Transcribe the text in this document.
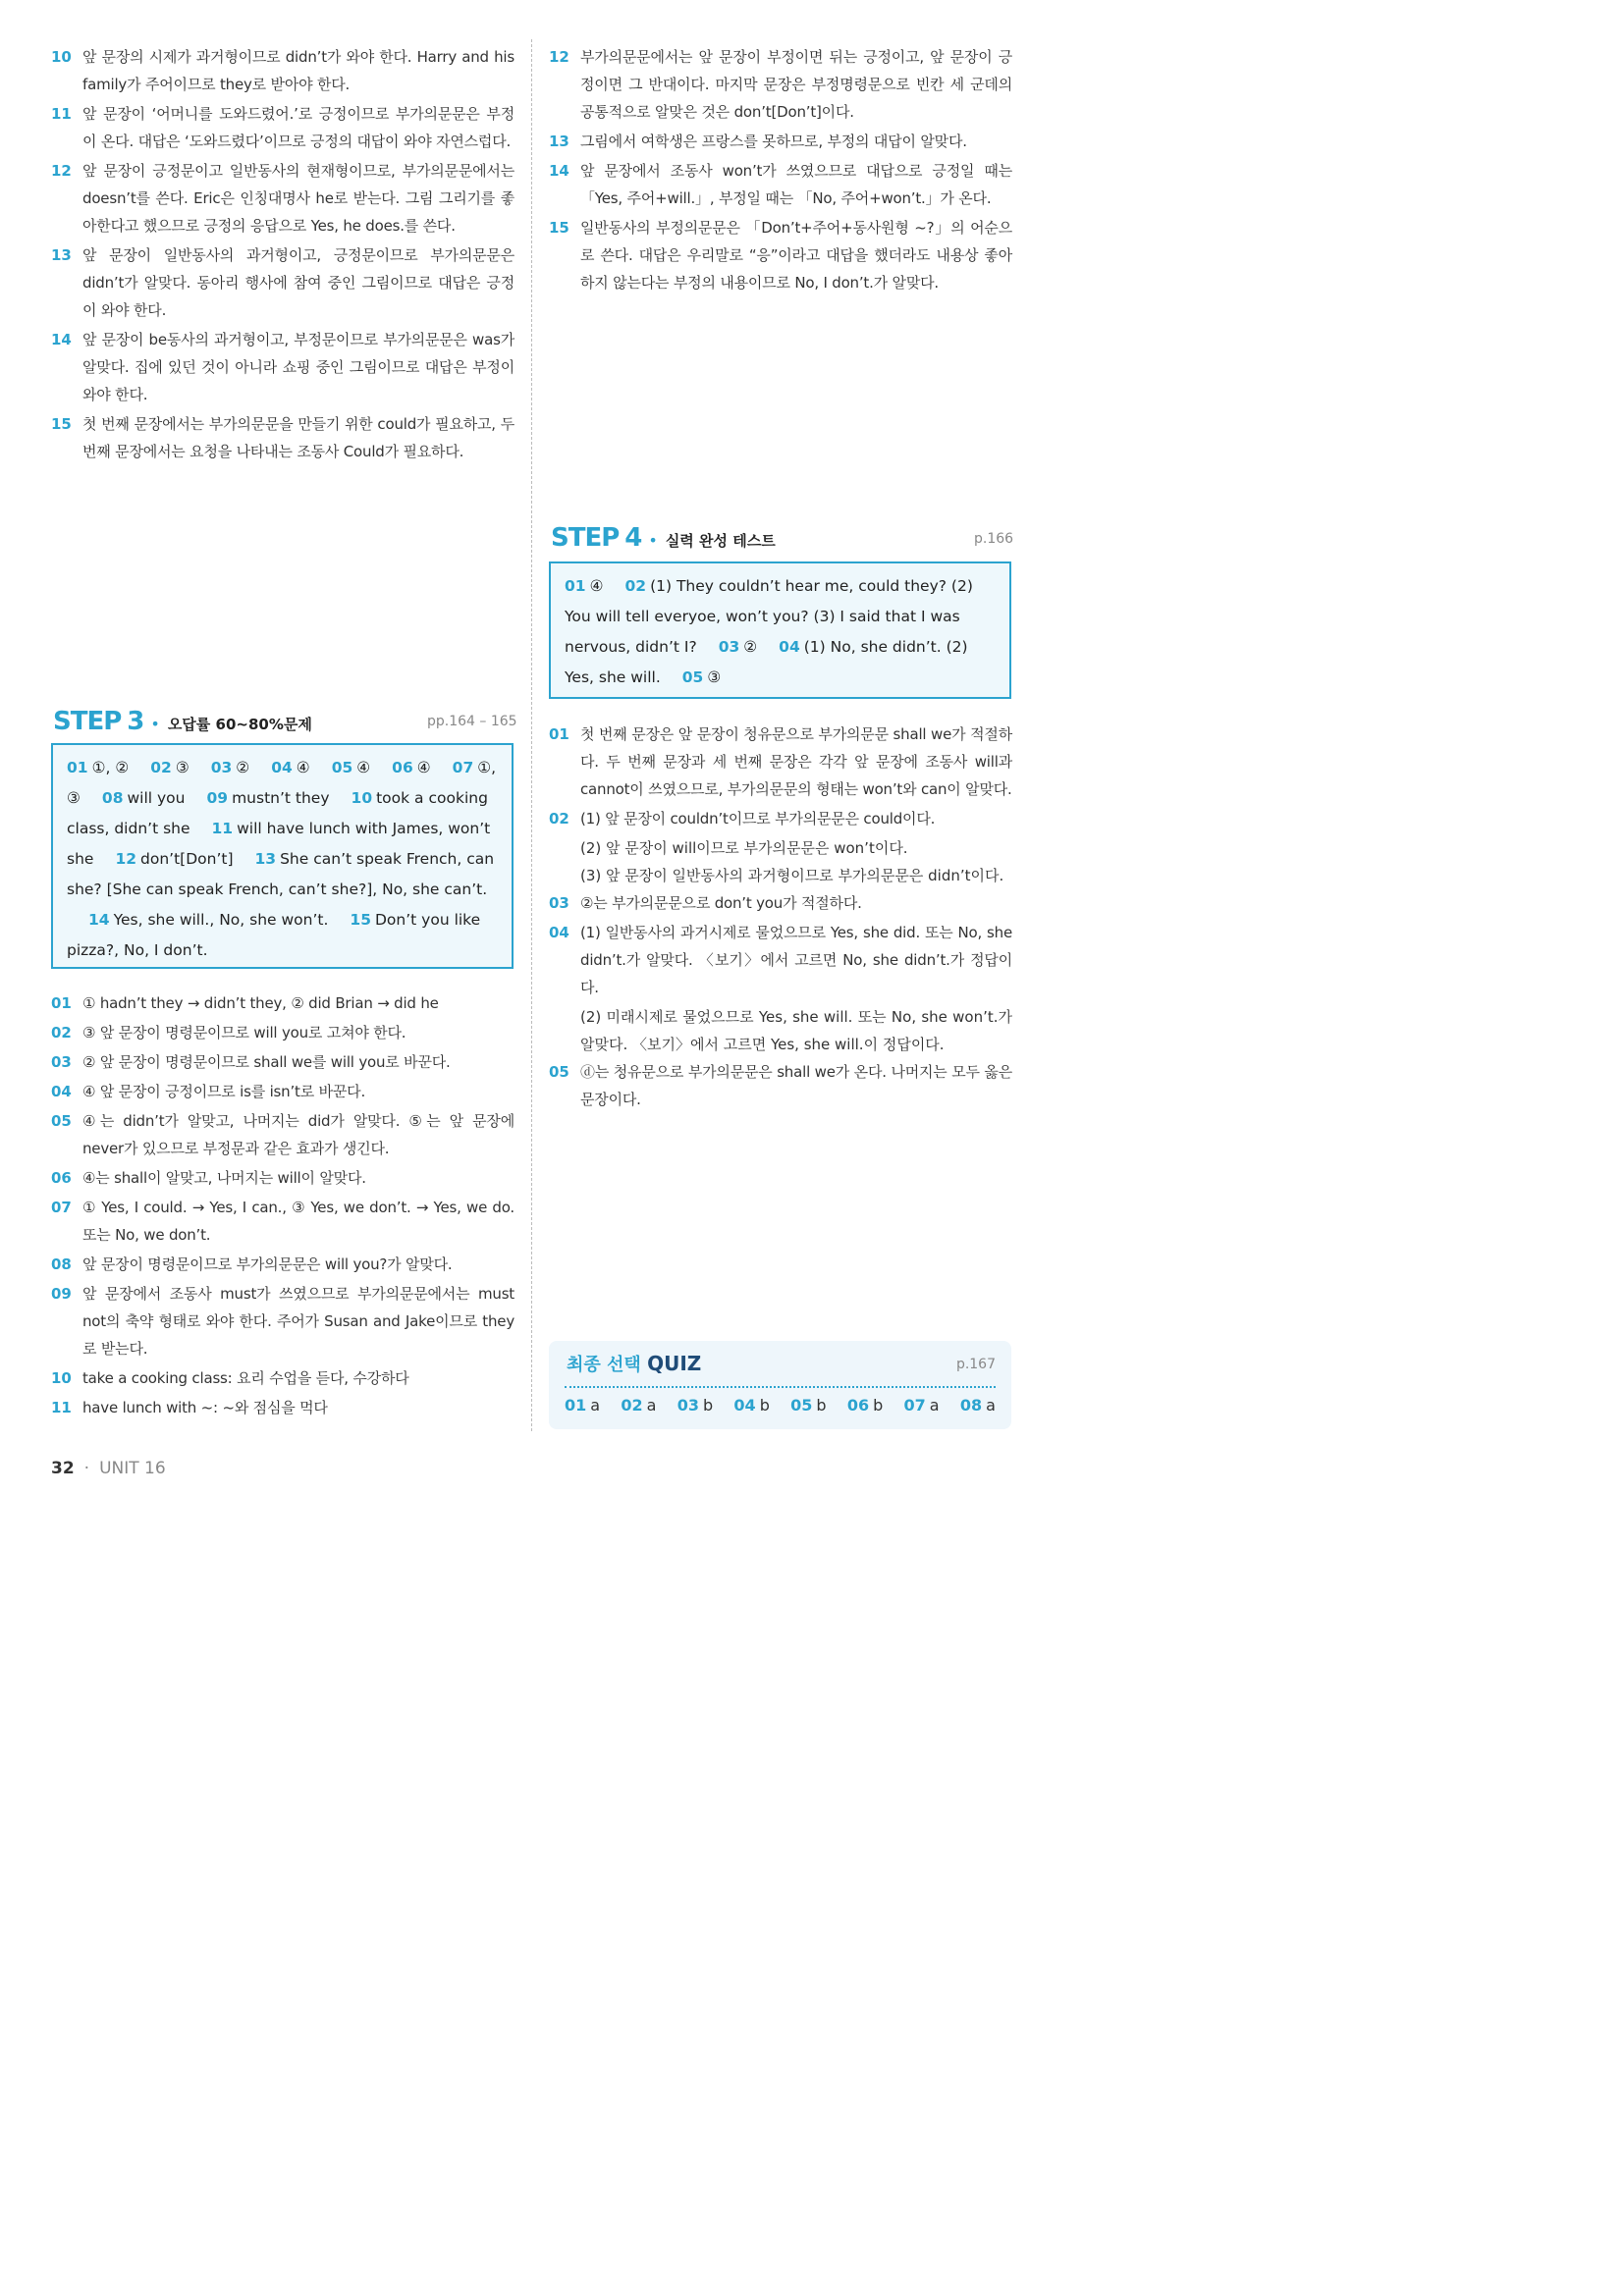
10 앞 문장의 시제가 과거형이므로 didn’t가 와야 한다. Harry and his family가 주어이므로 they로 받아야 한다.
11 앞 문장이 ‘어머니를 도와드렸어.’로 긍정이므로 부가의문문은 부정이 온다. 대답은 ‘도와드렸다’이므로 긍정의 대답이 와야 자연스럽다.
12 앞 문장이 긍정문이고 일반동사의 현재형이므로, 부가의문문에서는 doesn’t를 쓴다. Eric은 인칭대명사 he로 받는다. 그림 그리기를 좋아한다고 했으므로 긍정의 응답으로 Yes, he does.를 쓴다.
13 앞 문장이 일반동사의 과거형이고, 긍정문이므로 부가의문문은 didn’t가 알맞다. 동아리 행사에 참여 중인 그림이므로 대답은 긍정이 와야 한다.
14 앞 문장이 be동사의 과거형이고, 부정문이므로 부가의문문은 was가 알맞다. 집에 있던 것이 아니라 쇼핑 중인 그림이므로 대답은 부정이 와야 한다.
15 첫 번째 문장에서는 부가의문문을 만들기 위한 could가 필요하고, 두 번째 문장에서는 요청을 나타내는 조동사 Could가 필요하다.
12 부가의문문에서는 앞 문장이 부정이면 뒤는 긍정이고, 앞 문장이 긍정이면 그 반대이다. 마지막 문장은 부정명령문으로 빈칸 세 군데의 공통적으로 알맞은 것은 don’t[Don’t]이다.
13 그림에서 여학생은 프랑스를 못하므로, 부정의 대답이 알맞다.
14 앞 문장에서 조동사 won’t가 쓰였으므로 대답으로 긍정일 때는 「Yes, 주어+will.」, 부정일 때는 「No, 주어+won’t.」가 온다.
15 일반동사의 부정의문문은 「Don’t+주어+동사원형 ~?」의 어순으로 쓴다. 대답은 우리말로 “응”이라고 대답을 했더라도 내용상 좋아하지 않는다는 부정의 내용이므로 No, I don’t.가 알맞다.
STEP 4 • 실력 완성 테스트	p.166
01 ④ 02 (1) They couldn’t hear me, could they? (2) You will tell everyoe, won’t you? (3) I said that I was nervous, didn’t I? 03 ② 04 (1) No, she didn’t. (2) Yes, she will. 05 ③
01 첫 번째 문장은 앞 문장이 청유문으로 부가의문문 shall we가 적절하다. 두 번째 문장과 세 번째 문장은 각각 앞 문장에 조동사 will과 cannot이 쓰였으므로, 부가의문문의 형태는 won’t와 can이 알맞다.
02 (1) 앞 문장이 couldn’t이므로 부가의문문은 could이다.
(2) 앞 문장이 will이므로 부가의문문은 won’t이다.
(3) 앞 문장이 일반동사의 과거형이므로 부가의문문은 didn’t이다.
03 ②는 부가의문문으로 don’t you가 적절하다.
04 (1) 일반동사의 과거시제로 물었으므로 Yes, she did. 또는 No, she didn’t.가 알맞다. 〈보기〉에서 고르면 No, she didn’t.가 정답이다.
(2) 미래시제로 물었으므로 Yes, she will. 또는 No, she won’t.가 알맞다. 〈보기〉에서 고르면 Yes, she will.이 정답이다.
05 ⓓ는 청유문으로 부가의문문은 shall we가 온다. 나머지는 모두 옳은 문장이다.
STEP 3 • 오답률 60~80%문제	pp.164 – 165
01 ①, ② 02 ③ 03 ② 04 ④ 05 ④ 06 ④ 07 ①, ③ 08 will you 09 mustn’t they 10 took a cooking class, didn’t she 11 will have lunch with James, won’t she 12 don’t[Don’t] 13 She can’t speak French, can she? [She can speak French, can’t she?], No, she can’t.14 Yes, she will., No, she won’t. 15 Don’t you like pizza?, No, I don’t.
01 ① hadn’t they → didn’t they, ② did Brian → did he
02 ③ 앞 문장이 명령문이므로 will you로 고쳐야 한다.
03 ② 앞 문장이 명령문이므로 shall we를 will you로 바꾼다.
04 ④ 앞 문장이 긍정이므로 is를 isn’t로 바꾼다.
05 ④는 didn’t가 알맞고, 나머지는 did가 알맞다. ⑤는 앞 문장에 never가 있으므로 부정문과 같은 효과가 생긴다.
06 ④는 shall이 알맞고, 나머지는 will이 알맞다.
07 ① Yes, I could. → Yes, I can., ③ Yes, we don’t. → Yes, we do. 또는 No, we don’t.
08 앞 문장이 명령문이므로 부가의문문은 will you?가 알맞다.
09 앞 문장에서 조동사 must가 쓰였으므로 부가의문문에서는 must not의 축약 형태로 와야 한다. 주어가 Susan and Jake이므로 they로 받는다.
10 take a cooking class: 요리 수업을 듣다, 수강하다
11 have lunch with ~: ~와 점심을 먹다
최종 선택 QUIZ	p.167
01 a 02 a 03 b 04 b 05 b 06 b 07 a 08 a
32 · UNIT 16
